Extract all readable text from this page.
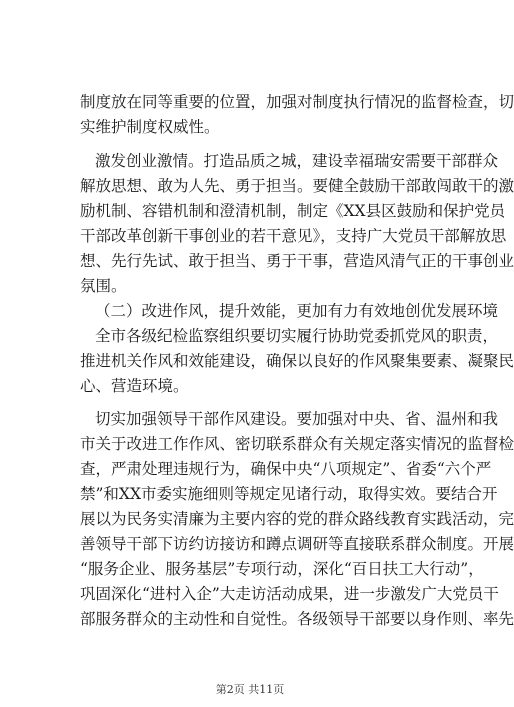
制度放在同等重要的位置，加强对制度执行情况的监督检查，切
实维护制度权威性。
激发创业激情。打造品质之城，建设幸福瑞安需要干部群众
解放思想、敢为人先、勇于担当。要健全鼓励干部敢闯敢干的激
励机制、容错机制和澄清机制，制定《XX县区鼓励和保护党员
干部改革创新干事创业的若干意见》，支持广大党员干部解放思
想、先行先试、敢于担当、勇于干事，营造风清气正的干事创业
氛围。
（二）改进作风，提升效能，更加有力有效地创优发展环境
全市各级纪检监察组织要切实履行协助党委抓党风的职责，
推进机关作风和效能建设，确保以良好的作风聚集要素、凝聚民
心、营造环境。
切实加强领导干部作风建设。要加强对中央、省、温州和我
市关于改进工作作风、密切联系群众有关规定落实情况的监督检
查，严肃处理违规行为，确保中央“八项规定”、省委“六个严
禁”和XX市委实施细则等规定见诸行动，取得实效。要结合开
展以为民务实清廉为主要内容的党的群众路线教育实践活动，完
善领导干部下访约访接访和蹲点调研等直接联系群众制度。开展
“服务企业、服务基层”专项行动，深化“百日扶工大行动”，
巩固深化“进村入企”大走访活动成果，进一步激发广大党员干
部服务群众的主动性和自觉性。各级领导干部要以身作则、率先
第2页 共11页
